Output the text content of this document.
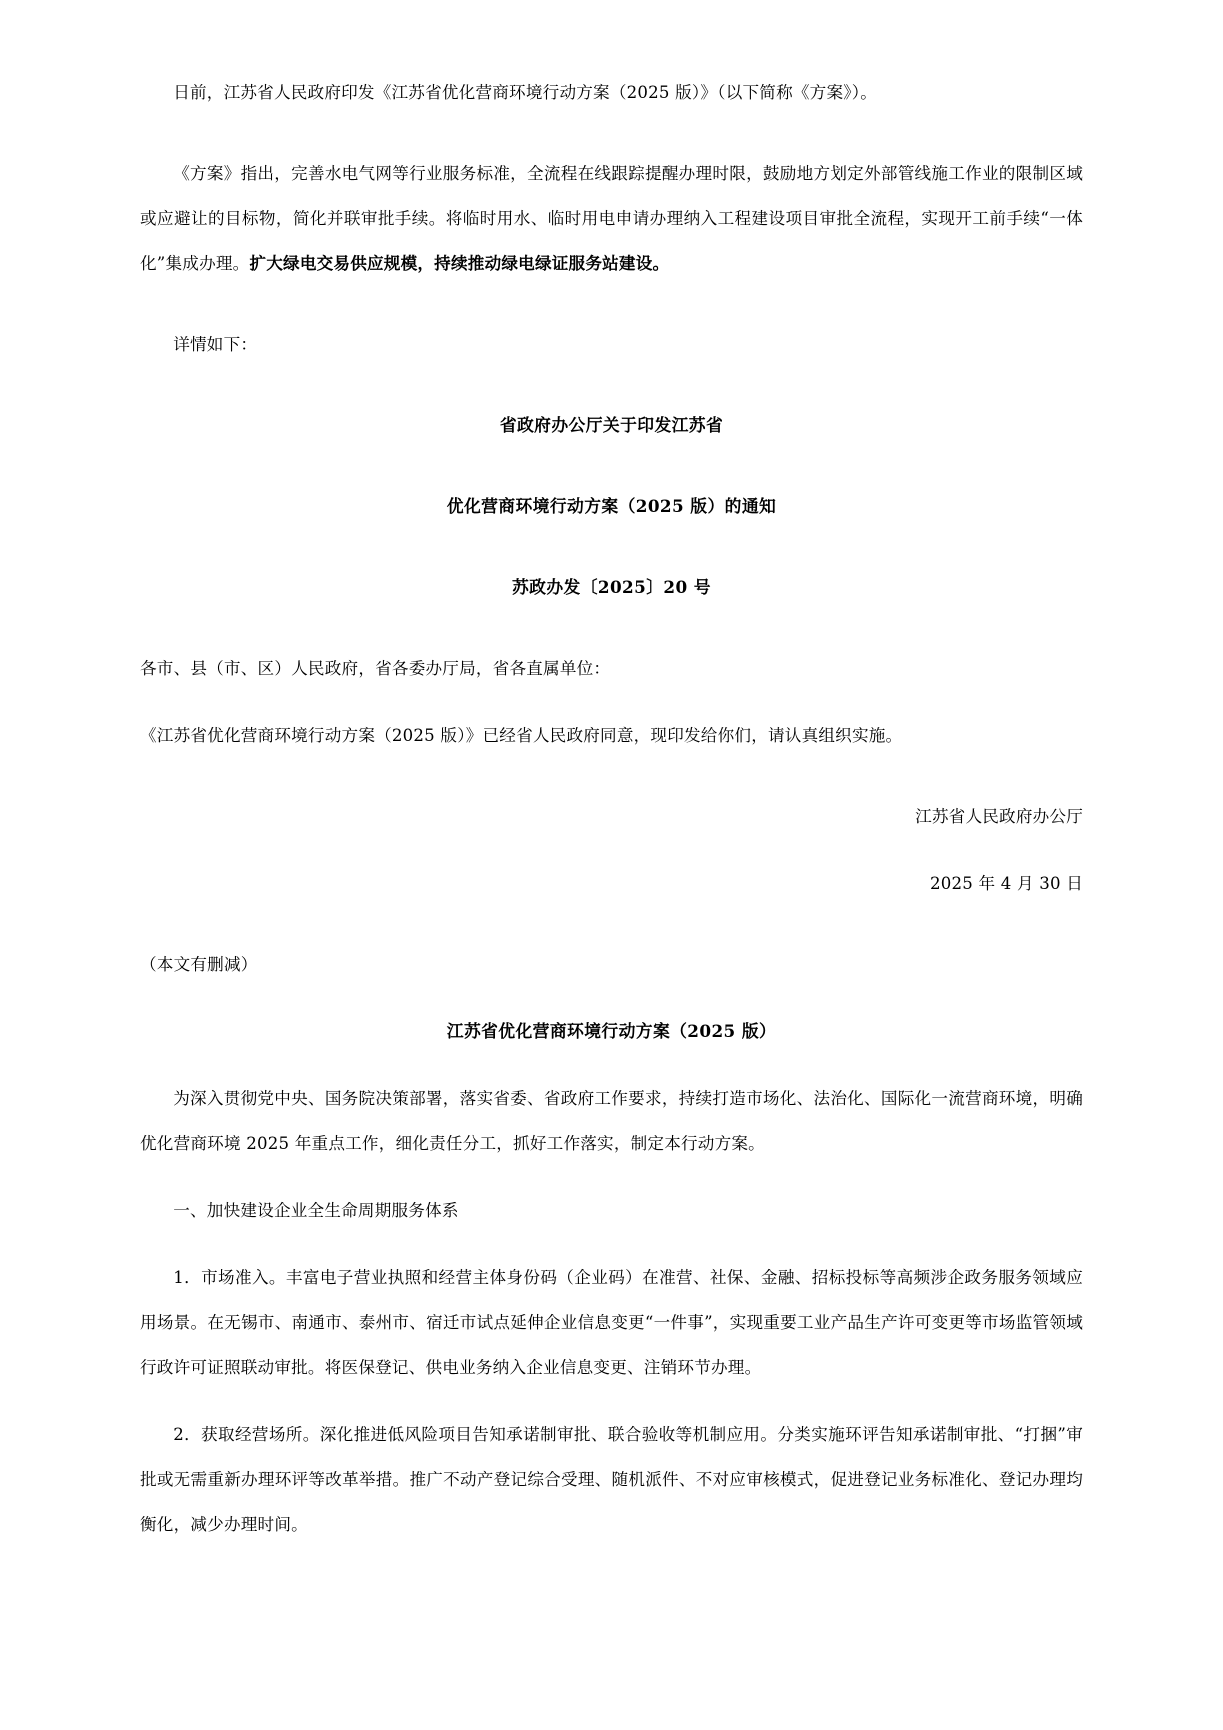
日前，江苏省人民政府印发《江苏省优化营商环境行动方案（2025 版）》（以下简称《方案》）。

《方案》指出，完善水电气网等行业服务标准，全流程在线跟踪提醒办理时限，鼓励地方划定外部管线施工作业的限制区域或应避让的目标物，简化并联审批手续。将临时用水、临时用电申请办理纳入工程建设项目审批全流程，实现开工前手续“一体化”集成办理。扩大绿电交易供应规模，持续推动绿电绿证服务站建设。

详情如下：

省政府办公厅关于印发江苏省
优化营商环境行动方案（2025 版）的通知

苏政办发〔2025〕20 号

各市、县（市、区）人民政府，省各委办厅局，省各直属单位：

《江苏省优化营商环境行动方案（2025 版）》已经省人民政府同意，现印发给你们，请认真组织实施。

江苏省人民政府办公厅

2025 年 4 月 30 日

（本文有删减）

江苏省优化营商环境行动方案（2025 版）

为深入贯彻党中央、国务院决策部署，落实省委、省政府工作要求，持续打造市场化、法治化、国际化一流营商环境，明确优化营商环境 2025 年重点工作，细化责任分工，抓好工作落实，制定本行动方案。

一、加快建设企业全生命周期服务体系

1．市场准入。丰富电子营业执照和经营主体身份码（企业码）在准营、社保、金融、招标投标等高频涉企政务服务领域应用场景。在无锡市、南通市、泰州市、宿迁市试点延伸企业信息变更“一件事”，实现重要工业产品生产许可变更等市场监管领域行政许可证照联动审批。将医保登记、供电业务纳入企业信息变更、注销环节办理。

2．获取经营场所。深化推进低风险项目告知承诺制审批、联合验收等机制应用。分类实施环评告知承诺制审批、“打捆”审批或无需重新办理环评等改革举措。推广不动产登记综合受理、随机派件、不对应审核模式，促进登记业务标准化、登记办理均衡化，减少办理时间。
